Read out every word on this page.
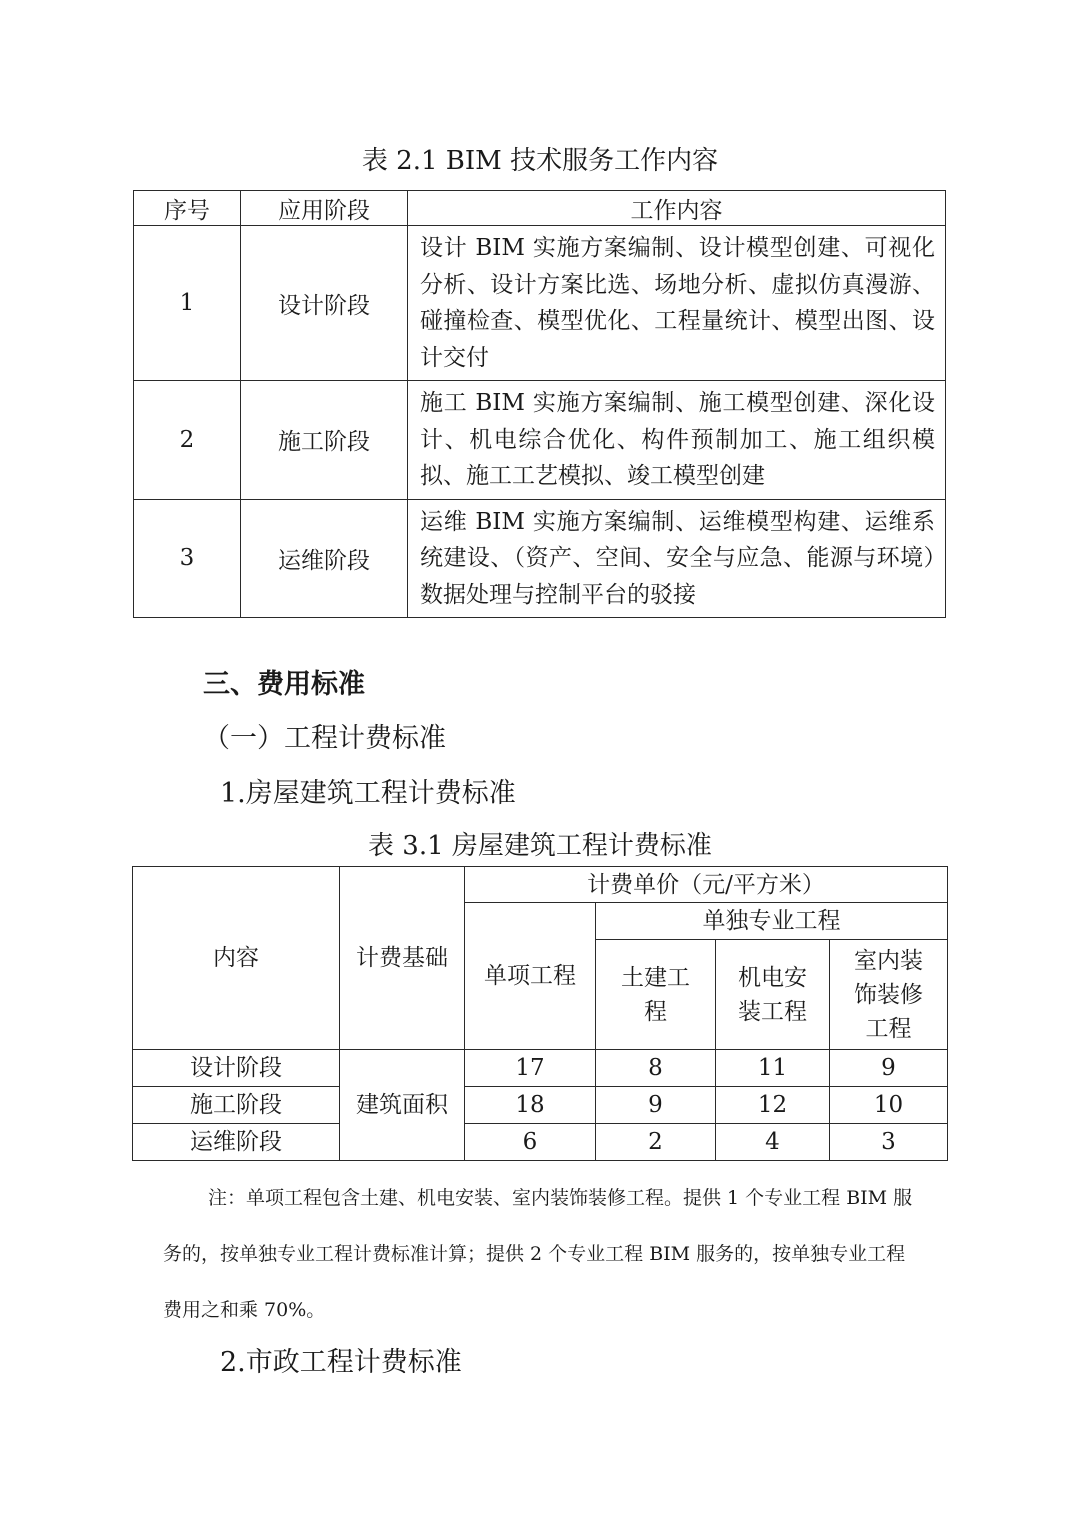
表 2.1 BIM 技术服务工作内容
序号	应用阶段	工作内容
1	设计阶段	设计 BIM 实施方案编制、设计模型创建、可视化分析、设计方案比选、场地分析、虚拟仿真漫游、碰撞检查、模型优化、工程量统计、模型出图、设计交付
2	施工阶段	施工 BIM 实施方案编制、施工模型创建、深化设计、机电综合优化、构件预制加工、施工组织模拟、施工工艺模拟、竣工模型创建
3	运维阶段	运维 BIM 实施方案编制、运维模型构建、运维系统建设、（资产、空间、安全与应急、能源与环境）数据处理与控制平台的驳接
三、费用标准
（一）工程计费标准
1.房屋建筑工程计费标准
表 3.1 房屋建筑工程计费标准
内容	计费基础	计费单价（元/平方米）			
		单项工程	单独专业工程		
			土建工程	机电安装工程	室内装饰装修工程
设计阶段	建筑面积	17	8	11	9
施工阶段		18	9	12	10
运维阶段		6	2	4	3
注：单项工程包含土建、机电安装、室内装饰装修工程。提供 1 个专业工程 BIM 服务的，按单独专业工程计费标准计算；提供 2 个专业工程 BIM 服务的，按单独专业工程费用之和乘 70%。
2.市政工程计费标准
